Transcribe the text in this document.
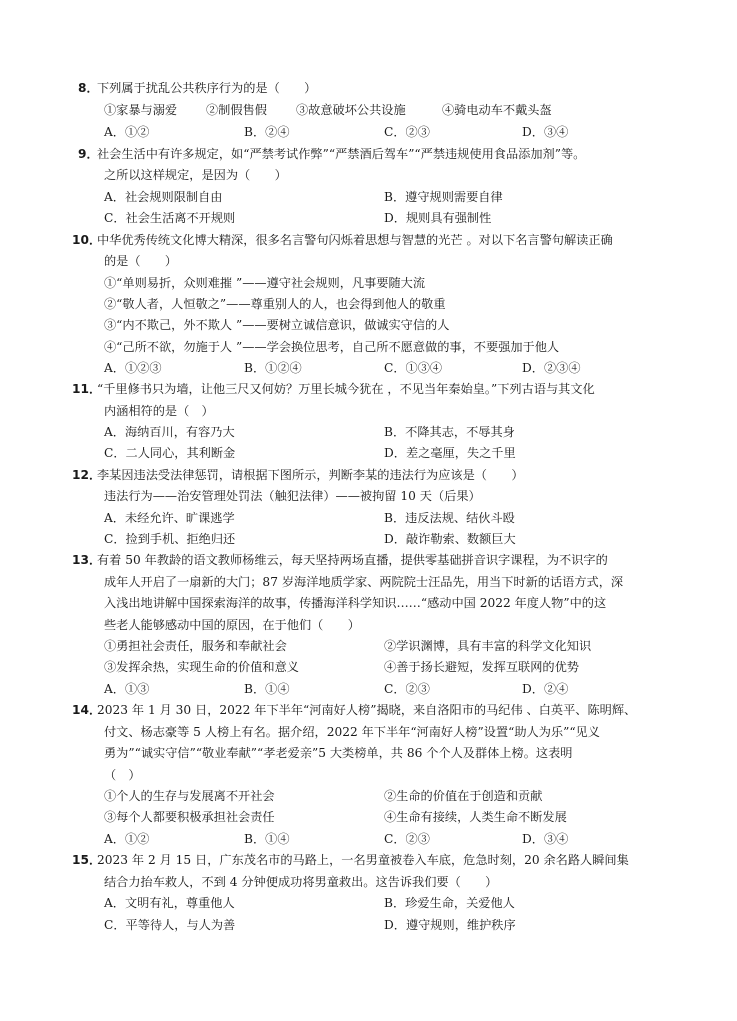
8．
下列属于扰乱公共秩序行为的是（　　）
①家暴与溺爱 ②制假售假 ③故意破坏公共设施	④骑电动车不戴头盔
A．①②	B．②④	C．②③	D．③④
9．
社会生活中有许多规定，如“严禁考试作弊”“严禁酒后驾车”“严禁违规使用食品添加剂”等。
之所以这样规定，是因为（　　）
A．社会规则限制自由	B．遵守规则需要自律
C．社会生活离不开规则	D．规则具有强制性
10．
中华优秀传统文化博大精深，很多名言警句闪烁着思想与智慧的光芒 。对以下名言警句解读正确
的是（　　）
①“单则易折，众则难摧 ”——遵守社会规则，凡事要随大流
②“敬人者，人恒敬之”——尊重别人的人，也会得到他人的敬重
③“内不欺己，外不欺人 ”——要树立诚信意识，做诚实守信的人
④“己所不欲，勿施于人 ”——学会换位思考，自己所不愿意做的事，不要强加于他人
A．①②③	B．①②④	C．①③④	D．②③④
11．
“千里修书只为墙，让他三尺又何妨？万里长城今犹在 ，不见当年秦始皇。”下列古语与其文化
内涵相符的是（　）
A．海纳百川，有容乃大	B．不降其志，不辱其身
C．二人同心，其利断金	D．差之毫厘，失之千里
12．
李某因违法受法律惩罚，请根据下图所示，判断李某的违法行为应该是（　　）
违法行为——治安管理处罚法（触犯法律）——被拘留 10 天（后果）
A．未经允许、旷课逃学	B．违反法规、结伙斗殴
C．捡到手机、拒绝归还	D．敲诈勒索、数额巨大
13．
有着 50 年教龄的语文教师杨维云，每天坚持两场直播，提供零基础拼音识字课程，为不识字的
成年人开启了一扇新的大门；87 岁海洋地质学家、两院院士汪品先，用当下时新的话语方式，深
入浅出地讲解中国探索海洋的故事，传播海洋科学知识……“感动中国 2022 年度人物”中的这
些老人能够感动中国的原因，在于他们（　　）
①勇担社会责任，服务和奉献社会	②学识渊博，具有丰富的科学文化知识
③发挥余热，实现生命的价值和意义	④善于扬长避短，发挥互联网的优势
A．①③	B．①④	C．②③	D．②④
14．
2023 年 1 月 30 日，2022 年下半年“河南好人榜”揭晓，来自洛阳市的马纪伟 、白英平、陈明辉、
付文、杨志豪等 5 人榜上有名。据介绍，2022 年下半年“河南好人榜”设置“助人为乐”“见义
勇为”“诚实守信”“敬业奉献”“孝老爱亲”5 大类榜单，共 86 个个人及群体上榜。这表明
（　）
①个人的生存与发展离不开社会	②生命的价值在于创造和贡献
③每个人都要积极承担社会责任	④生命有接续，人类生命不断发展
A．①②	B．①④	C．②③	D．③④
15．
2023 年 2 月 15 日，广东茂名市的马路上，一名男童被卷入车底，危急时刻，20 余名路人瞬间集
结合力抬车救人，不到 4 分钟便成功将男童救出。这告诉我们要（　　）
A．文明有礼，尊重他人	B．珍爱生命，关爱他人
C．平等待人，与人为善	D．遵守规则，维护秩序
